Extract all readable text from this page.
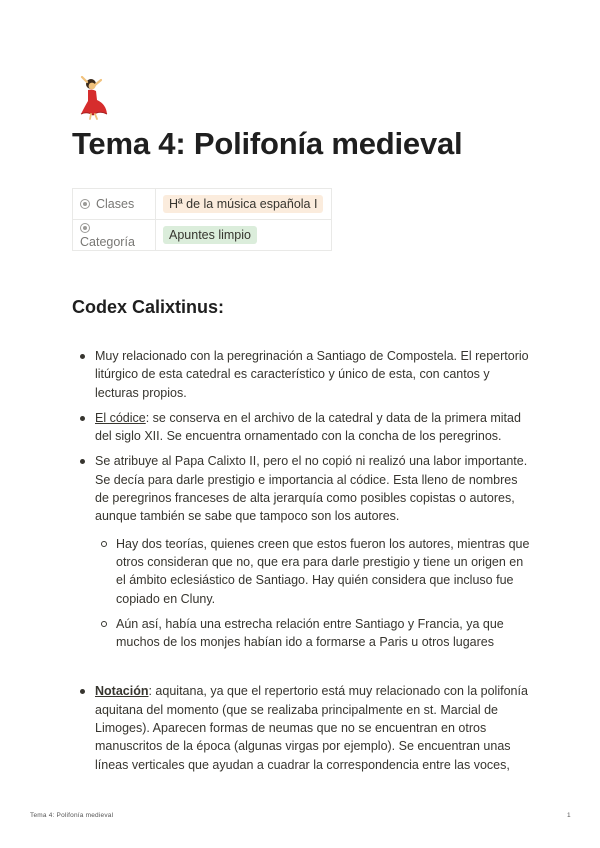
Tema 4: Polifonía medieval
Clases	Hª de la música española I
Categoría	Apuntes limpio
Codex Calixtinus:
Muy relacionado con la peregrinación a Santiago de Compostela. El repertorio litúrgico de esta catedral es característico y único de esta, con cantos y lecturas propios.
El códice: se conserva en el archivo de la catedral y data de la primera mitad del siglo XII. Se encuentra ornamentado con la concha de los peregrinos.
Se atribuye al Papa Calixto II, pero el no copió ni realizó una labor importante. Se decía para darle prestigio e importancia al códice. Esta lleno de nombres de peregrinos franceses de alta jerarquía como posibles copistas o autores, aunque también se sabe que tampoco son los autores.
Hay dos teorías, quienes creen que estos fueron los autores, mientras que otros consideran que no, que era para darle prestigio y tiene un origen en el ámbito eclesiástico de Santiago. Hay quién considera que incluso fue copiado en Cluny.
Aún así, había una estrecha relación entre Santiago y Francia, ya que muchos de los monjes habían ido a formarse a Paris u otros lugares
Notación: aquitana, ya que el repertorio está muy relacionado con la polifonía aquitana del momento (que se realizaba principalmente en st. Marcial de Limoges). Aparecen formas de neumas que no se encuentran en otros manuscritos de la época (algunas virgas por ejemplo). Se encuentran unas líneas verticales que ayudan a cuadrar la correspondencia entre las voces,
Tema 4: Polifonía medieval	1
